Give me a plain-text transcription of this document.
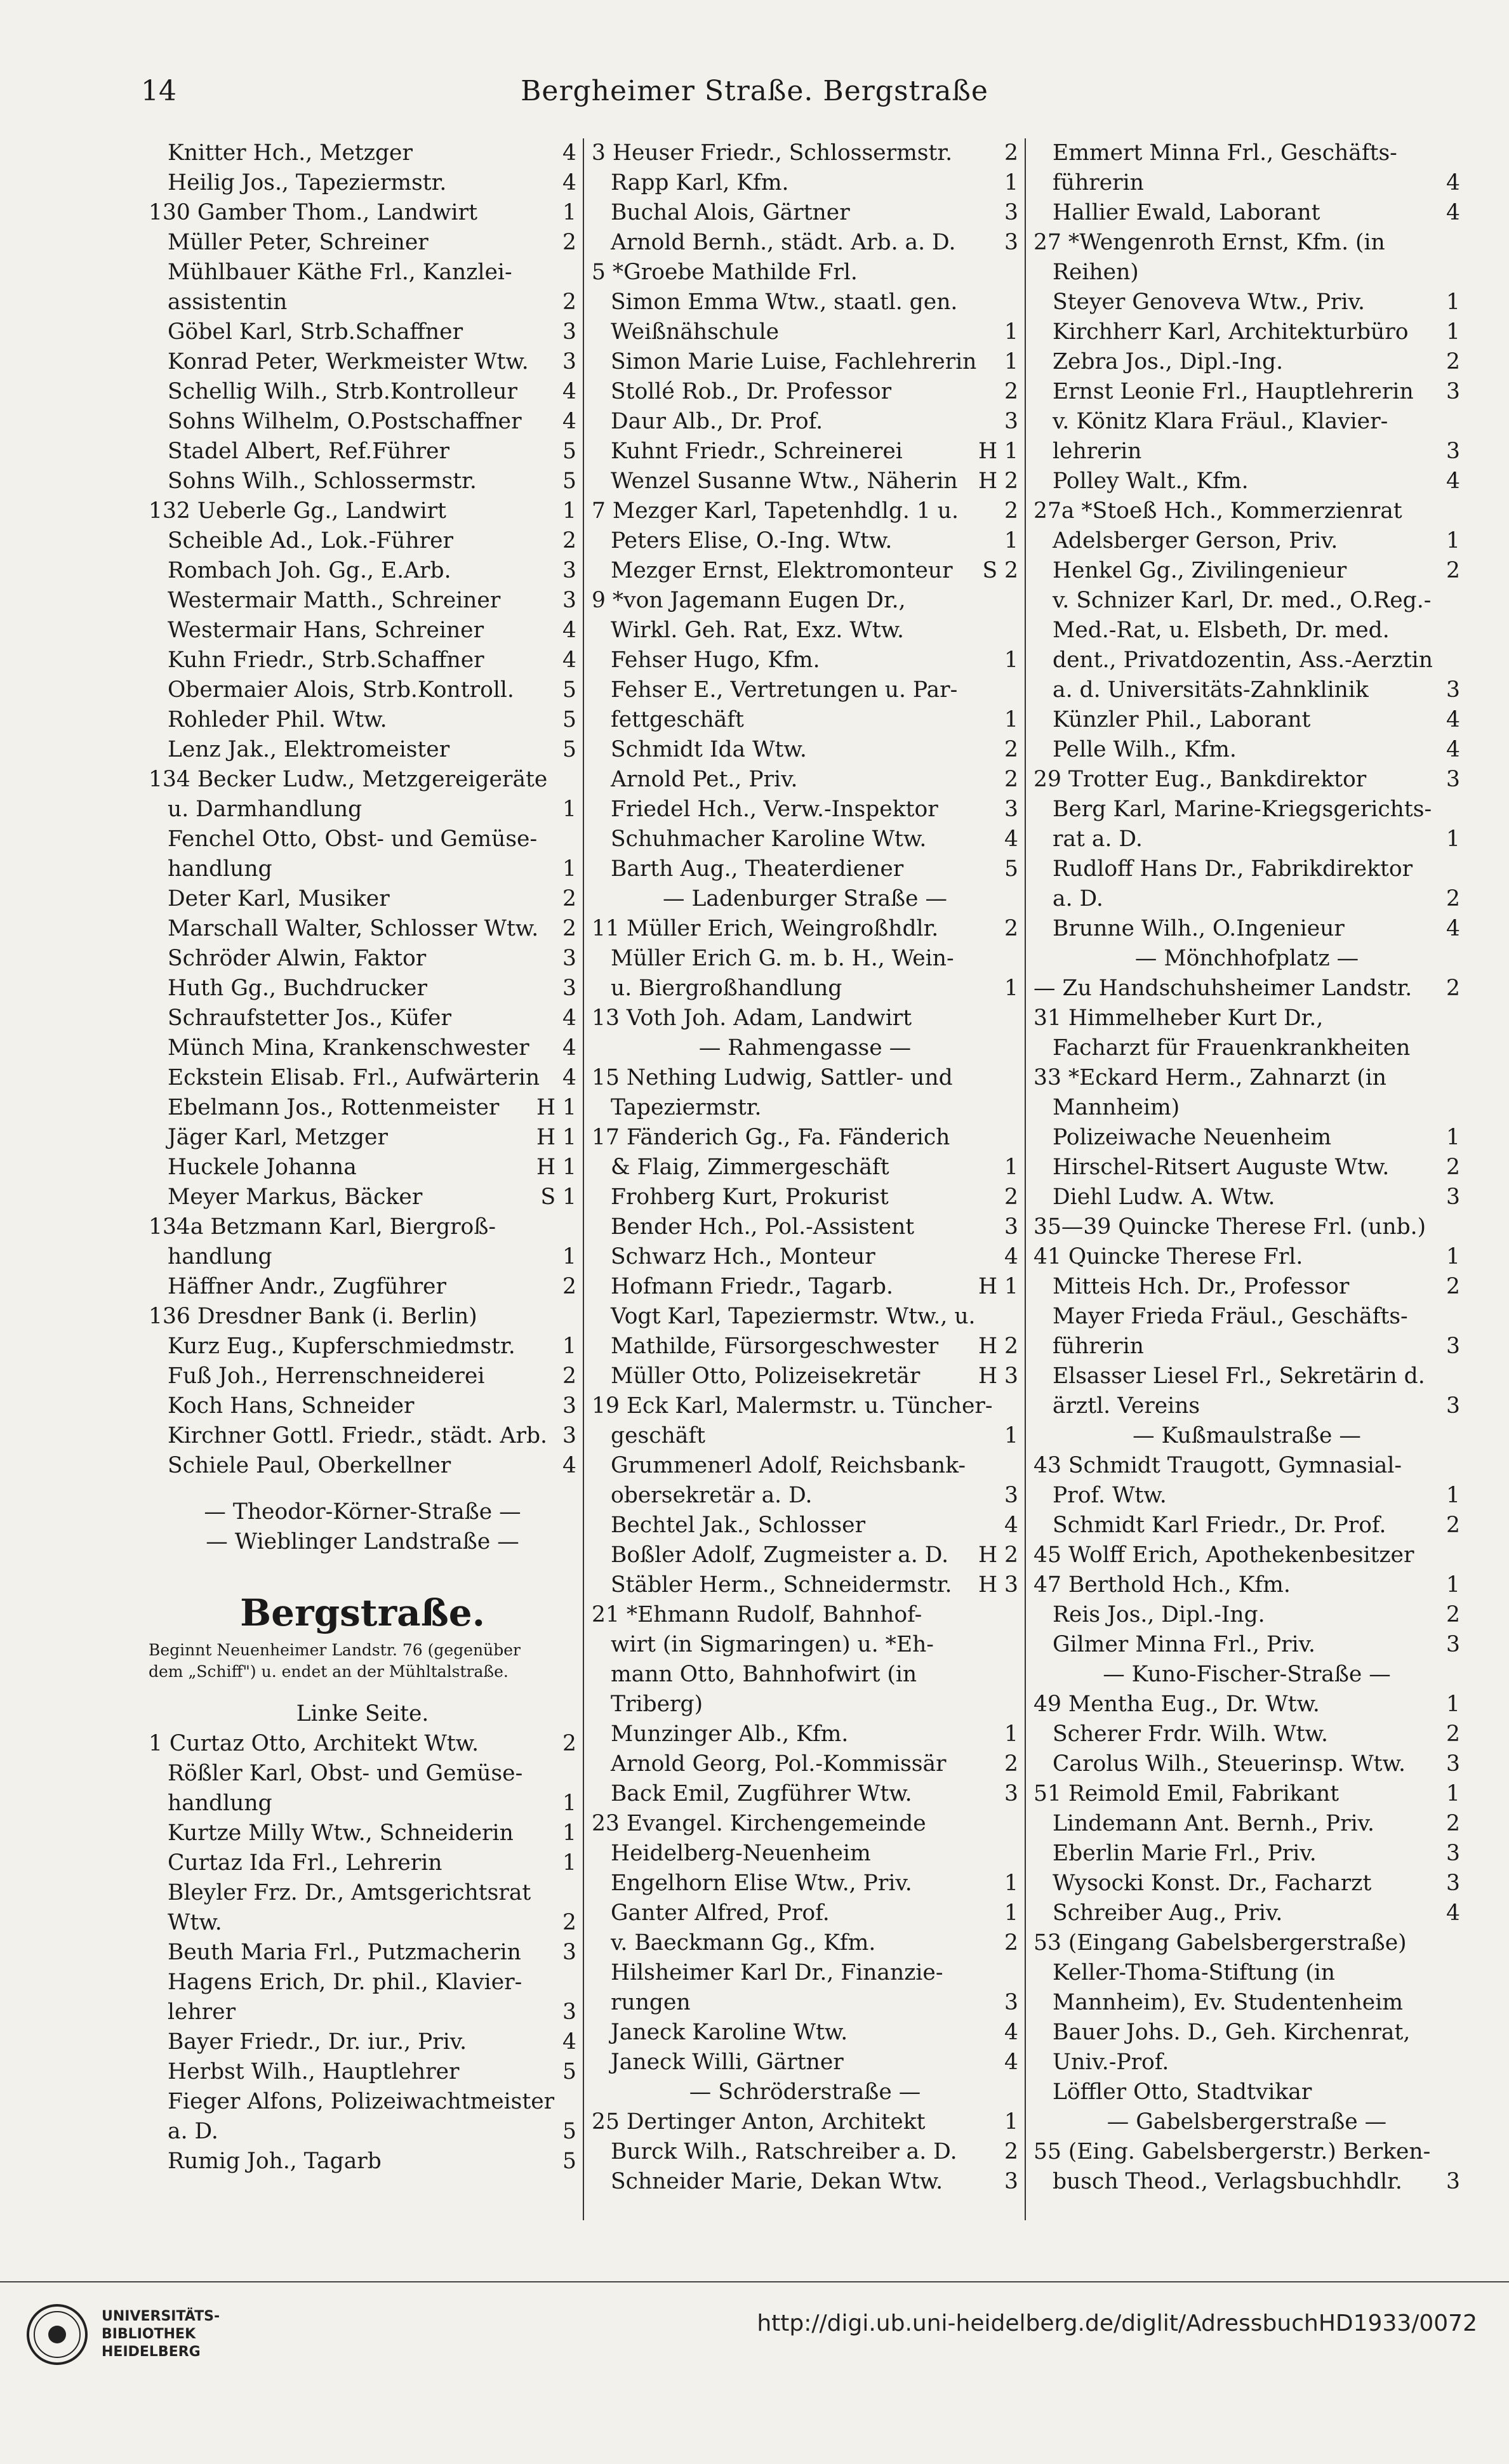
14	Bergheimer Straße. Bergstraße
Knitter Hch., Metzger	4
Heilig Jos., Tapeziermstr.	4
130 Gamber Thom., Landwirt	1
Müller Peter, Schreiner	2
Mühlbauer Käthe Frl., Kanzlei-
assistentin	2
Göbel Karl, Strb.Schaffner	3
Konrad Peter, Werkmeister Wtw. 3
Schellig Wilh., Strb.Kontrolleur 4
Sohns Wilhelm, O.Postschaffner 4
Stadel Albert, Ref.Führer	5
Sohns Wilh., Schlossermstr.	5
132 Ueberle Gg., Landwirt	1
Scheible Ad., Lok.-Führer	2
Rombach Joh. Gg., E.Arb.	3
Westermair Matth., Schreiner	3
Westermair Hans, Schreiner	4
Kuhn Friedr., Strb.Schaffner	4
Obermaier Alois, Strb.Kontroll. 5
Rohleder Phil. Wtw.	5
Lenz Jak., Elektromeister	5
134 Becker Ludw., Metzgereigeräte
u. Darmhandlung	1
Fenchel Otto, Obst- und Gemüse-
handlung	1
Deter Karl, Musiker	2
Marschall Walter, Schlosser Wtw. 2
Schröder Alwin, Faktor	3
Huth Gg., Buchdrucker	3
Schraufstetter Jos., Küfer	4
Münch Mina, Krankenschwester 4
Eckstein Elisab. Frl., Aufwärterin 4
Ebelmann Jos., Rottenmeister H 1
Jäger Karl, Metzger	H 1
Huckele Johanna	H 1
Meyer Markus, Bäcker	S 1
134a Betzmann Karl, Biergroß-
handlung	1
Häffner Andr., Zugführer	2
136 Dresdner Bank (i. Berlin)
Kurz Eug., Kupferschmiedmstr. 1
Fuß Joh., Herrenschneiderei	2
Koch Hans, Schneider	3
Kirchner Gottl. Friedr., städt. Arb. 3
Schiele Paul, Oberkellner	4
— Theodor-Körner-Straße —
— Wieblinger Landstraße —
Bergstraße.
Beginnt Neuenheimer Landstr. 76 (gegenüber
dem „Schiff") u. endet an der Mühltalstraße.
Linke Seite.
1 Curtaz Otto, Architekt Wtw.	2
Rößler Karl, Obst- und Gemüse-
handlung	1
Kurtze Milly Wtw., Schneiderin 1
Curtaz Ida Frl., Lehrerin	1
Bleyler Frz. Dr., Amtsgerichtsrat
Wtw.	2
Beuth Maria Frl., Putzmacherin 3
Hagens Erich, Dr. phil., Klavier-
lehrer	3
Bayer Friedr., Dr. iur., Priv.	4
Herbst Wilh., Hauptlehrer	5
Fieger Alfons, Polizeiwachtmeister
a. D.	5
Rumig Joh., Tagarb	5
3 Heuser Friedr., Schlossermstr. 2
Rapp Karl, Kfm.	1
Buchal Alois, Gärtner	3
Arnold Bernh., städt. Arb. a. D. 3
5 *Groebe Mathilde Frl.
Simon Emma Wtw., staatl. gen.
Weißnähschule	1
Simon Marie Luise, Fachlehrerin 1
Stollé Rob., Dr. Professor	2
Daur Alb., Dr. Prof.	3
Kuhnt Friedr., Schreinerei	H 1
Wenzel Susanne Wtw., Näherin H 2
7 Mezger Karl, Tapetenhdlg. 1 u. 2
Peters Elise, O.-Ing. Wtw.	1
Mezger Ernst, Elektromonteur S 2
9 *von Jagemann Eugen Dr.,
Wirkl. Geh. Rat, Exz. Wtw.
Fehser Hugo, Kfm.	1
Fehser E., Vertretungen u. Par-
fettgeschäft	1
Schmidt Ida Wtw.	2
Arnold Pet., Priv.	2
Friedel Hch., Verw.-Inspektor	3
Schuhmacher Karoline Wtw.	4
Barth Aug., Theaterdiener	5
— Ladenburger Straße —
11 Müller Erich, Weingroßhdlr.	2
Müller Erich G. m. b. H., Wein-
u. Biergroßhandlung	1
13 Voth Joh. Adam, Landwirt
— Rahmengasse —
15 Nething Ludwig, Sattler- und
Tapeziermstr.
17 Fänderich Gg., Fa. Fänderich
& Flaig, Zimmergeschäft	1
Frohberg Kurt, Prokurist	2
Bender Hch., Pol.-Assistent	3
Schwarz Hch., Monteur	4
Hofmann Friedr., Tagarb.	H 1
Vogt Karl, Tapeziermstr. Wtw., u.
Mathilde, Fürsorgeschwester H 2
Müller Otto, Polizeisekretär	H 3
19 Eck Karl, Malermstr. u. Tüncher-
geschäft	1
Grummenerl Adolf, Reichsbank-
obersekretär a. D.	3
Bechtel Jak., Schlosser	4
Boßler Adolf, Zugmeister a. D. H 2
Stäbler Herm., Schneidermstr. H 3
21 *Ehmann Rudolf, Bahnhof-
wirt (in Sigmaringen) u. *Eh-
mann Otto, Bahnhofwirt (in
Triberg)
Munzinger Alb., Kfm.	1
Arnold Georg, Pol.-Kommissär	2
Back Emil, Zugführer Wtw.	3
23 Evangel. Kirchengemeinde
Heidelberg-Neuenheim
Engelhorn Elise Wtw., Priv.	1
Ganter Alfred, Prof.	1
v. Baeckmann Gg., Kfm.	2
Hilsheimer Karl Dr., Finanzie-
rungen	3
Janeck Karoline Wtw.	4
Janeck Willi, Gärtner	4
— Schröderstraße —
25 Dertinger Anton, Architekt	1
Burck Wilh., Ratschreiber a. D. 2
Schneider Marie, Dekan Wtw.	3
Emmert Minna Frl., Geschäfts-
führerin	4
Hallier Ewald, Laborant	4
27 *Wengenroth Ernst, Kfm. (in
Reihen)
Steyer Genoveva Wtw., Priv.	1
Kirchherr Karl, Architekturbüro 1
Zebra Jos., Dipl.-Ing.	2
Ernst Leonie Frl., Hauptlehrerin 3
v. Könitz Klara Fräul., Klavier-
lehrerin	3
Polley Walt., Kfm.	4
27a *Stoeß Hch., Kommerzienrat
Adelsberger Gerson, Priv.	1
Henkel Gg., Zivilingenieur	2
v. Schnizer Karl, Dr. med., O.Reg.-
Med.-Rat, u. Elsbeth, Dr. med.
dent., Privatdozentin, Ass.-Aerztin
a. d. Universitäts-Zahnklinik	3
Künzler Phil., Laborant	4
Pelle Wilh., Kfm.	4
29 Trotter Eug., Bankdirektor	3
Berg Karl, Marine-Kriegsgerichts-
rat a. D.	1
Rudloff Hans Dr., Fabrikdirektor
a. D.	2
Brunne Wilh., O.Ingenieur	4
— Mönchhofplatz —
— Zu Handschuhsheimer Landstr. 2
31 Himmelheber Kurt Dr.,
Facharzt für Frauenkrankheiten
33 *Eckard Herm., Zahnarzt (in
Mannheim)
Polizeiwache Neuenheim	1
Hirschel-Ritsert Auguste Wtw.	2
Diehl Ludw. A. Wtw.	3
35—39 Quincke Therese Frl. (unb.)
41 Quincke Therese Frl.	1
Mitteis Hch. Dr., Professor	2
Mayer Frieda Fräul., Geschäfts-
führerin	3
Elsasser Liesel Frl., Sekretärin d.
ärztl. Vereins	3
— Kußmaulstraße —
43 Schmidt Traugott, Gymnasial-
Prof. Wtw.	1
Schmidt Karl Friedr., Dr. Prof.	2
45 Wolff Erich, Apothekenbesitzer
47 Berthold Hch., Kfm.	1
Reis Jos., Dipl.-Ing.	2
Gilmer Minna Frl., Priv.	3
— Kuno-Fischer-Straße —
49 Mentha Eug., Dr. Wtw.	1
Scherer Frdr. Wilh. Wtw.	2
Carolus Wilh., Steuerinsp. Wtw. 3
51 Reimold Emil, Fabrikant	1
Lindemann Ant. Bernh., Priv.	2
Eberlin Marie Frl., Priv.	3
Wysocki Konst. Dr., Facharzt	3
Schreiber Aug., Priv.	4
53 (Eingang Gabelsbergerstraße)
Keller-Thoma-Stiftung (in
Mannheim), Ev. Studentenheim
Bauer Johs. D., Geh. Kirchenrat,
Univ.-Prof.
Löffler Otto, Stadtvikar
— Gabelsbergerstraße —
55 (Eing. Gabelsbergerstr.) Berken-
busch Theod., Verlagsbuchhdlr. 3
UNIVERSITÄTS-
BIBLIOTHEK
HEIDELBERG
http://digi.ub.uni-heidelberg.de/diglit/AdressbuchHD1933/0072
